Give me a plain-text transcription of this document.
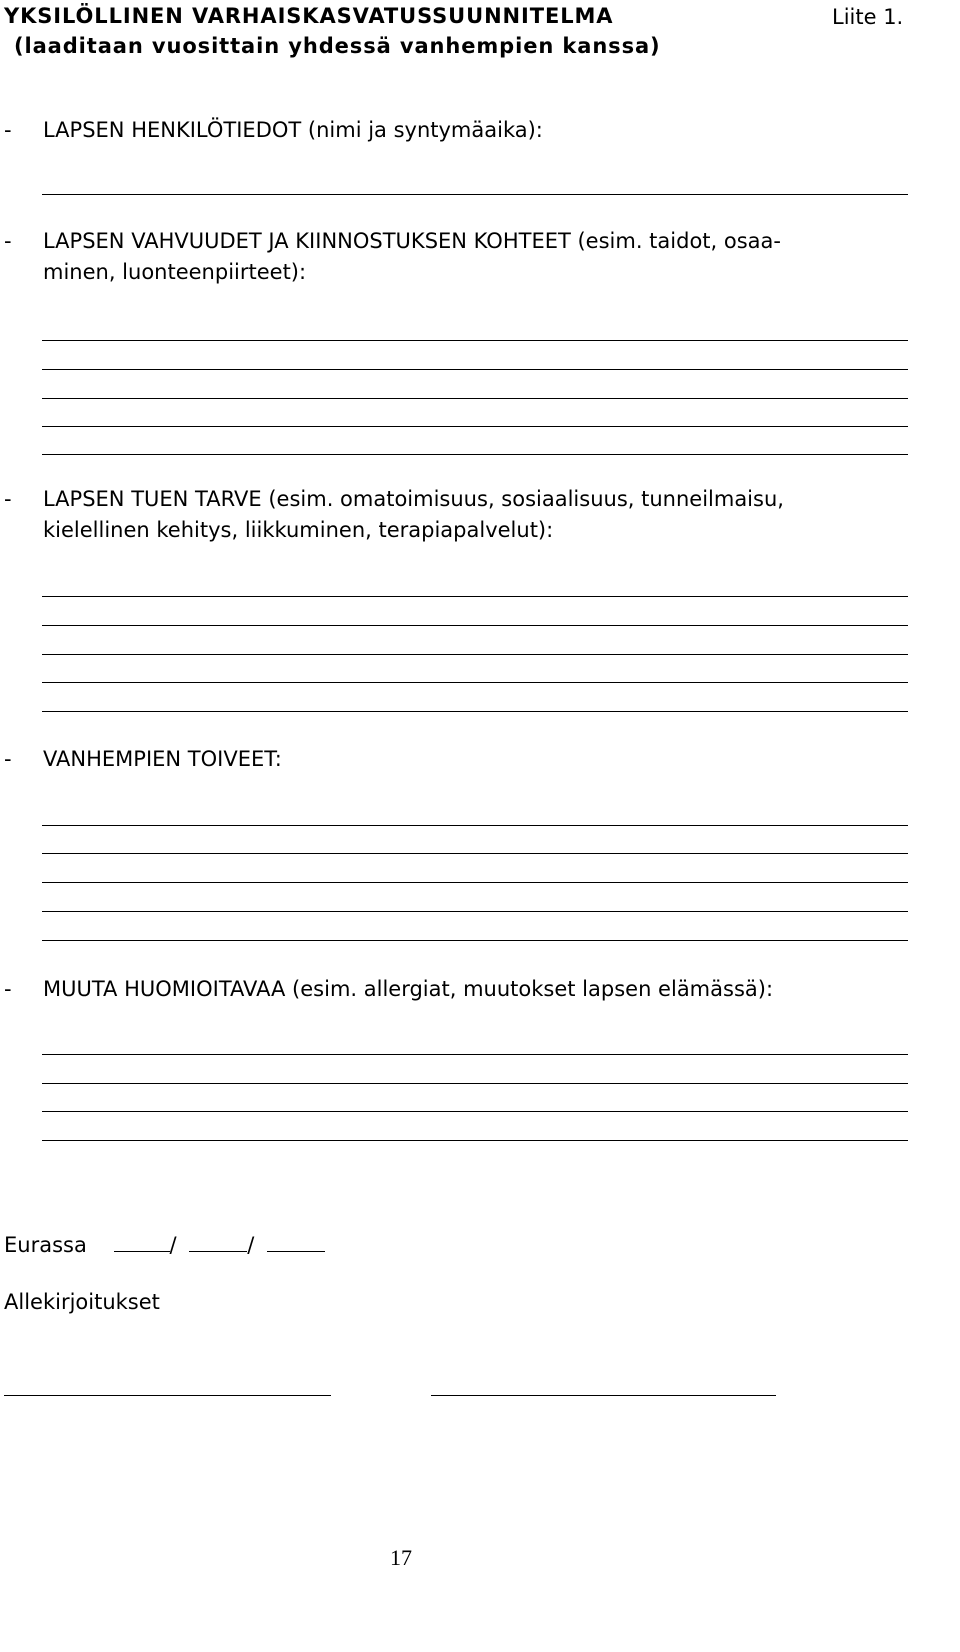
YKSILÖLLINEN VARHAISKASVATUSSUUNNITELMA
(laaditaan vuosittain yhdessä vanhempien kanssa)
Liite 1.
- LAPSEN HENKILÖTIEDOT (nimi ja syntymäaika):
- LAPSEN VAHVUUDET JA KIINNOSTUKSEN KOHTEET (esim. taidot, osaa-
minen, luonteenpiirteet):
- LAPSEN TUEN TARVE (esim. omatoimisuus, sosiaalisuus, tunneilmaisu,
kielellinen kehitys, liikkuminen, terapiapalvelut):
- VANHEMPIEN TOIVEET:
- MUUTA HUOMIOITAVAA (esim. allergiat, muutokset lapsen elämässä):
Eurassa	/	/
Allekirjoitukset
17
